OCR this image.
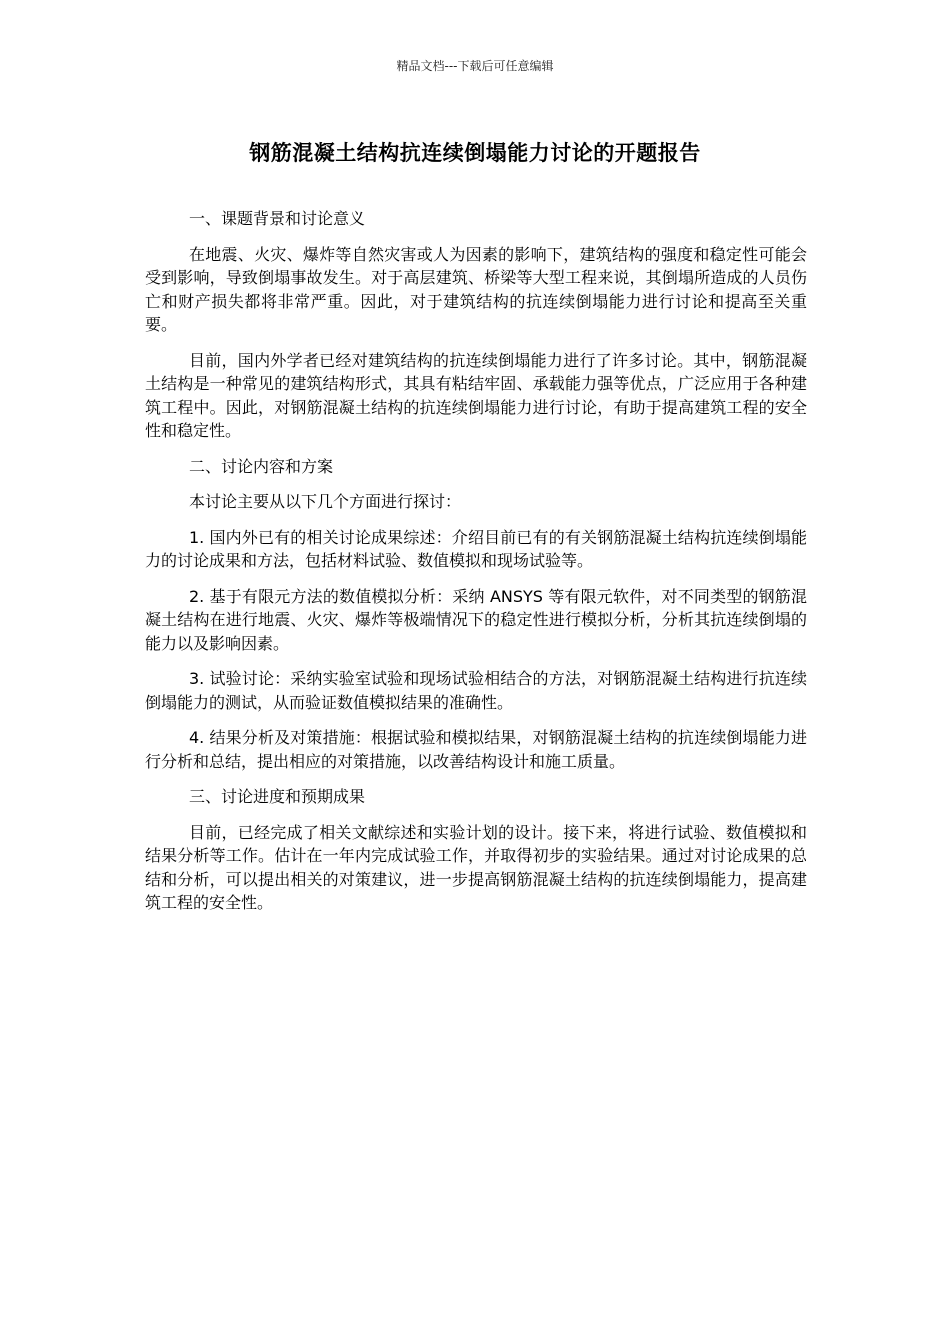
精品文档---下载后可任意编辑
钢筋混凝土结构抗连续倒塌能力讨论的开题报告

一、课题背景和讨论意义

在地震、火灾、爆炸等自然灾害或人为因素的影响下，建筑结构的强度和稳定性可能会受到影响，导致倒塌事故发生。对于高层建筑、桥梁等大型工程来说，其倒塌所造成的人员伤亡和财产损失都将非常严重。因此，对于建筑结构的抗连续倒塌能力进行讨论和提高至关重要。

目前，国内外学者已经对建筑结构的抗连续倒塌能力进行了许多讨论。其中，钢筋混凝土结构是一种常见的建筑结构形式，其具有粘结牢固、承载能力强等优点，广泛应用于各种建筑工程中。因此，对钢筋混凝土结构的抗连续倒塌能力进行讨论，有助于提高建筑工程的安全性和稳定性。

二、讨论内容和方案

本讨论主要从以下几个方面进行探讨：

1. 国内外已有的相关讨论成果综述：介绍目前已有的有关钢筋混凝土结构抗连续倒塌能力的讨论成果和方法，包括材料试验、数值模拟和现场试验等。

2. 基于有限元方法的数值模拟分析：采纳 ANSYS 等有限元软件，对不同类型的钢筋混凝土结构在进行地震、火灾、爆炸等极端情况下的稳定性进行模拟分析，分析其抗连续倒塌的能力以及影响因素。

3. 试验讨论：采纳实验室试验和现场试验相结合的方法，对钢筋混凝土结构进行抗连续倒塌能力的测试，从而验证数值模拟结果的准确性。

4. 结果分析及对策措施：根据试验和模拟结果，对钢筋混凝土结构的抗连续倒塌能力进行分析和总结，提出相应的对策措施，以改善结构设计和施工质量。

三、讨论进度和预期成果

目前，已经完成了相关文献综述和实验计划的设计。接下来，将进行试验、数值模拟和结果分析等工作。估计在一年内完成试验工作，并取得初步的实验结果。通过对讨论成果的总结和分析，可以提出相关的对策建议，进一步提高钢筋混凝土结构的抗连续倒塌能力，提高建筑工程的安全性。
